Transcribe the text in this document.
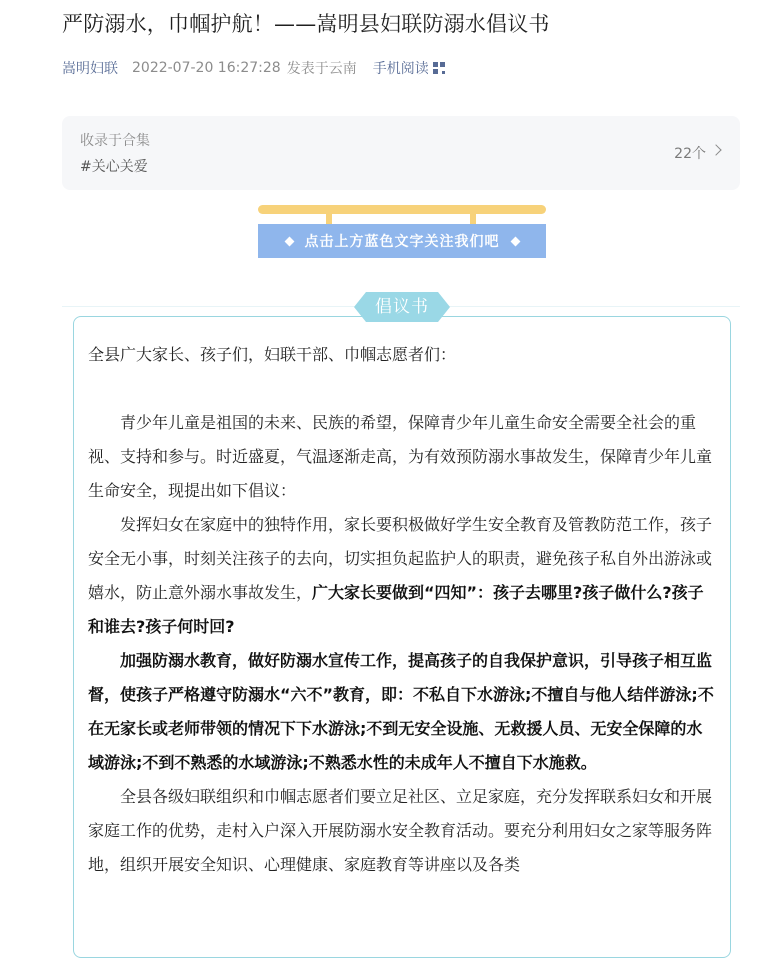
严防溺水，巾帼护航！——嵩明县妇联防溺水倡议书
嵩明妇联 2022-07-20 16:27:28 发表于云南 手机阅读
收录于合集
#关心关爱
22个
点击上方蓝色文字关注我们吧
倡议书

全县广大家长、孩子们，妇联干部、巾帼志愿者们：

青少年儿童是祖国的未来、民族的希望，保障青少年儿童生命安全需要全社会的重视、支持和参与。时近盛夏，气温逐渐走高，为有效预防溺水事故发生，保障青少年儿童生命安全，现提出如下倡议：

发挥妇女在家庭中的独特作用，家长要积极做好学生安全教育及管教防范工作，孩子安全无小事，时刻关注孩子的去向，切实担负起监护人的职责，避免孩子私自外出游泳或嬉水，防止意外溺水事故发生，广大家长要做到“四知”：孩子去哪里?孩子做什么?孩子和谁去?孩子何时回?

加强防溺水教育，做好防溺水宣传工作，提高孩子的自我保护意识，引导孩子相互监督，使孩子严格遵守防溺水“六不”教育，即：不私自下水游泳;不擅自与他人结伴游泳;不在无家长或老师带领的情况下下水游泳;不到无安全设施、无救援人员、无安全保障的水域游泳;不到不熟悉的水域游泳;不熟悉水性的未成年人不擅自下水施救。

全县各级妇联组织和巾帼志愿者们要立足社区、立足家庭，充分发挥联系妇女和开展家庭工作的优势，走村入户深入开展防溺水安全教育活动。要充分利用妇女之家等服务阵地，组织开展安全知识、心理健康、家庭教育等讲座以及各类
